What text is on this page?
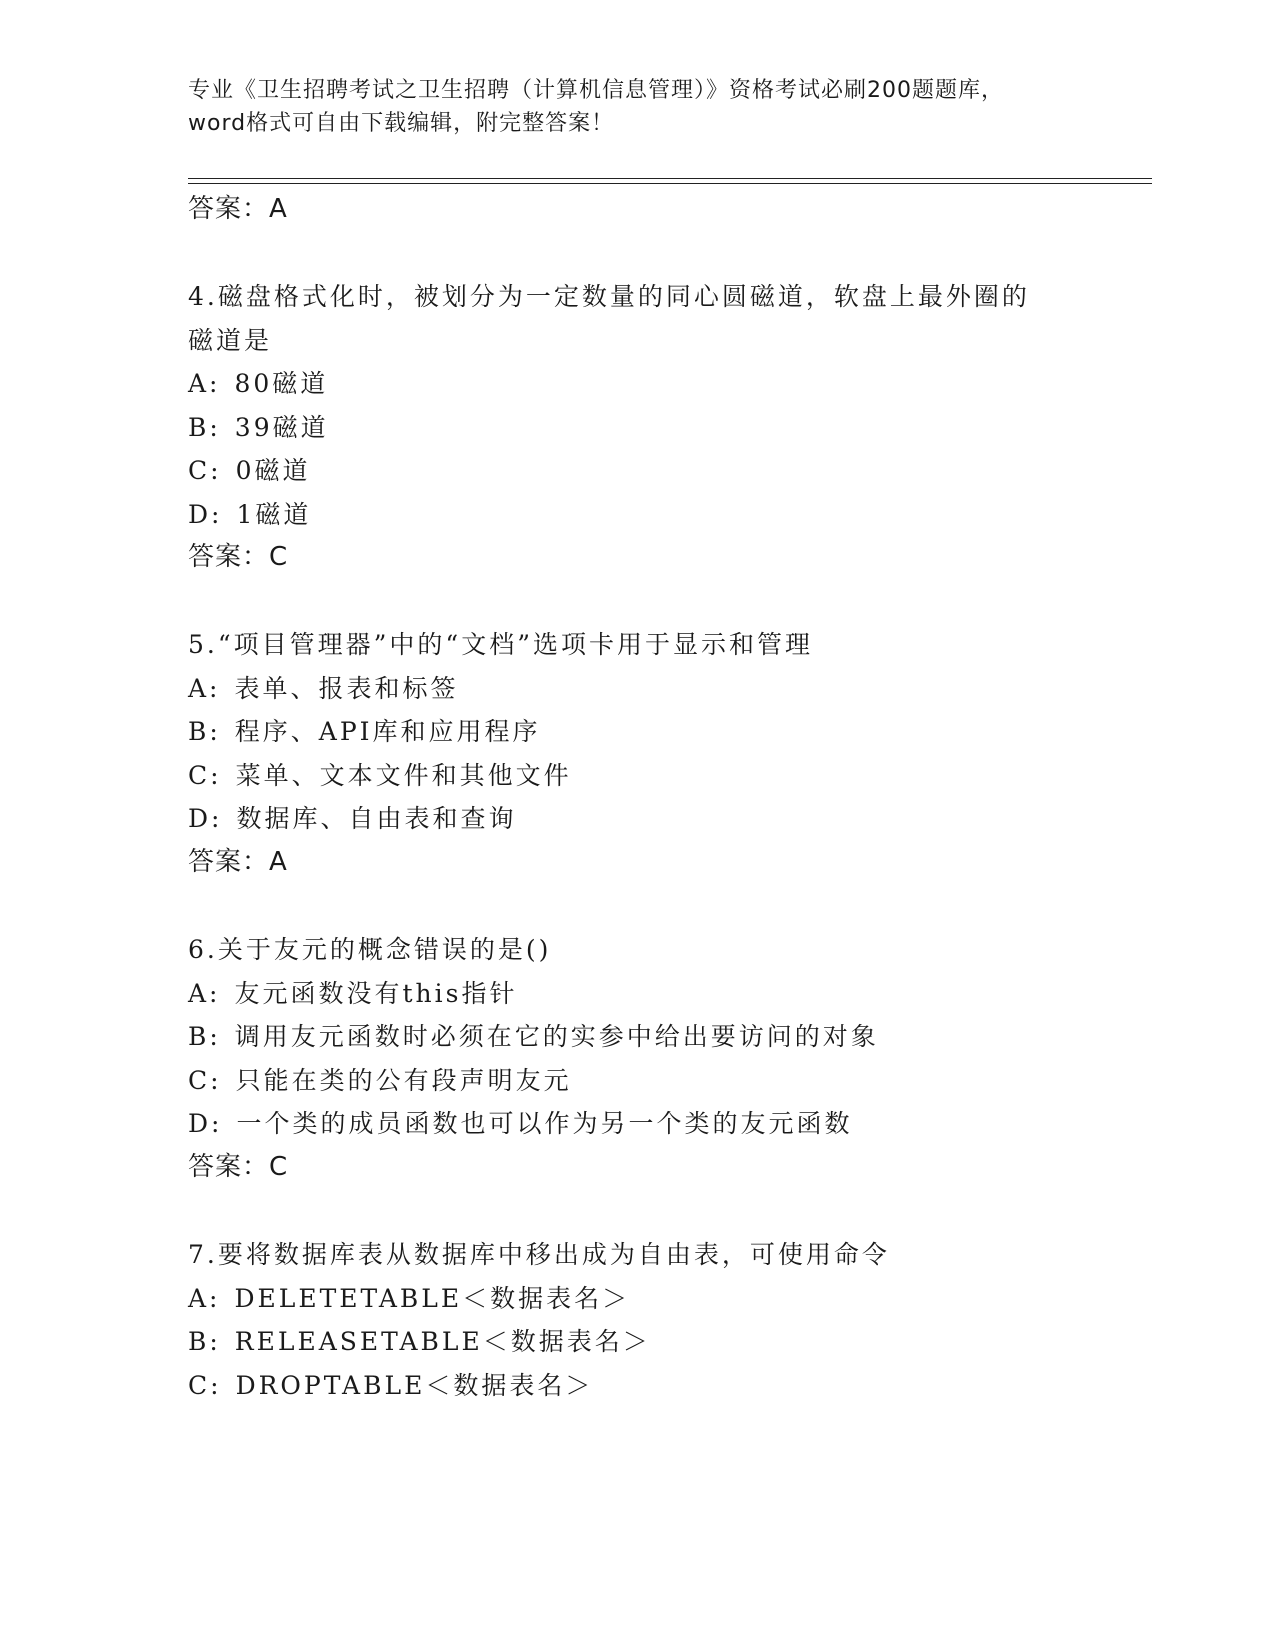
专业《卫生招聘考试之卫生招聘（计算机信息管理）》资格考试必刷200题题库，
word格式可自由下载编辑，附完整答案！
答案：A
4.磁盘格式化时，被划分为一定数量的同心圆磁道，软盘上最外圈的
磁道是
A: 80磁道
B: 39磁道
C: 0磁道
D: 1磁道
答案：C
5.“项目管理器”中的“文档”选项卡用于显示和管理
A: 表单、报表和标签
B: 程序、API库和应用程序
C: 菜单、文本文件和其他文件
D: 数据库、自由表和查询
答案：A
6.关于友元的概念错误的是()
A: 友元函数没有this指针
B: 调用友元函数时必须在它的实参中给出要访问的对象
C: 只能在类的公有段声明友元
D: 一个类的成员函数也可以作为另一个类的友元函数
答案：C
7.要将数据库表从数据库中移出成为自由表，可使用命令
A: DELETETABLE＜数据表名＞
B: RELEASETABLE＜数据表名＞
C: DROPTABLE＜数据表名＞
